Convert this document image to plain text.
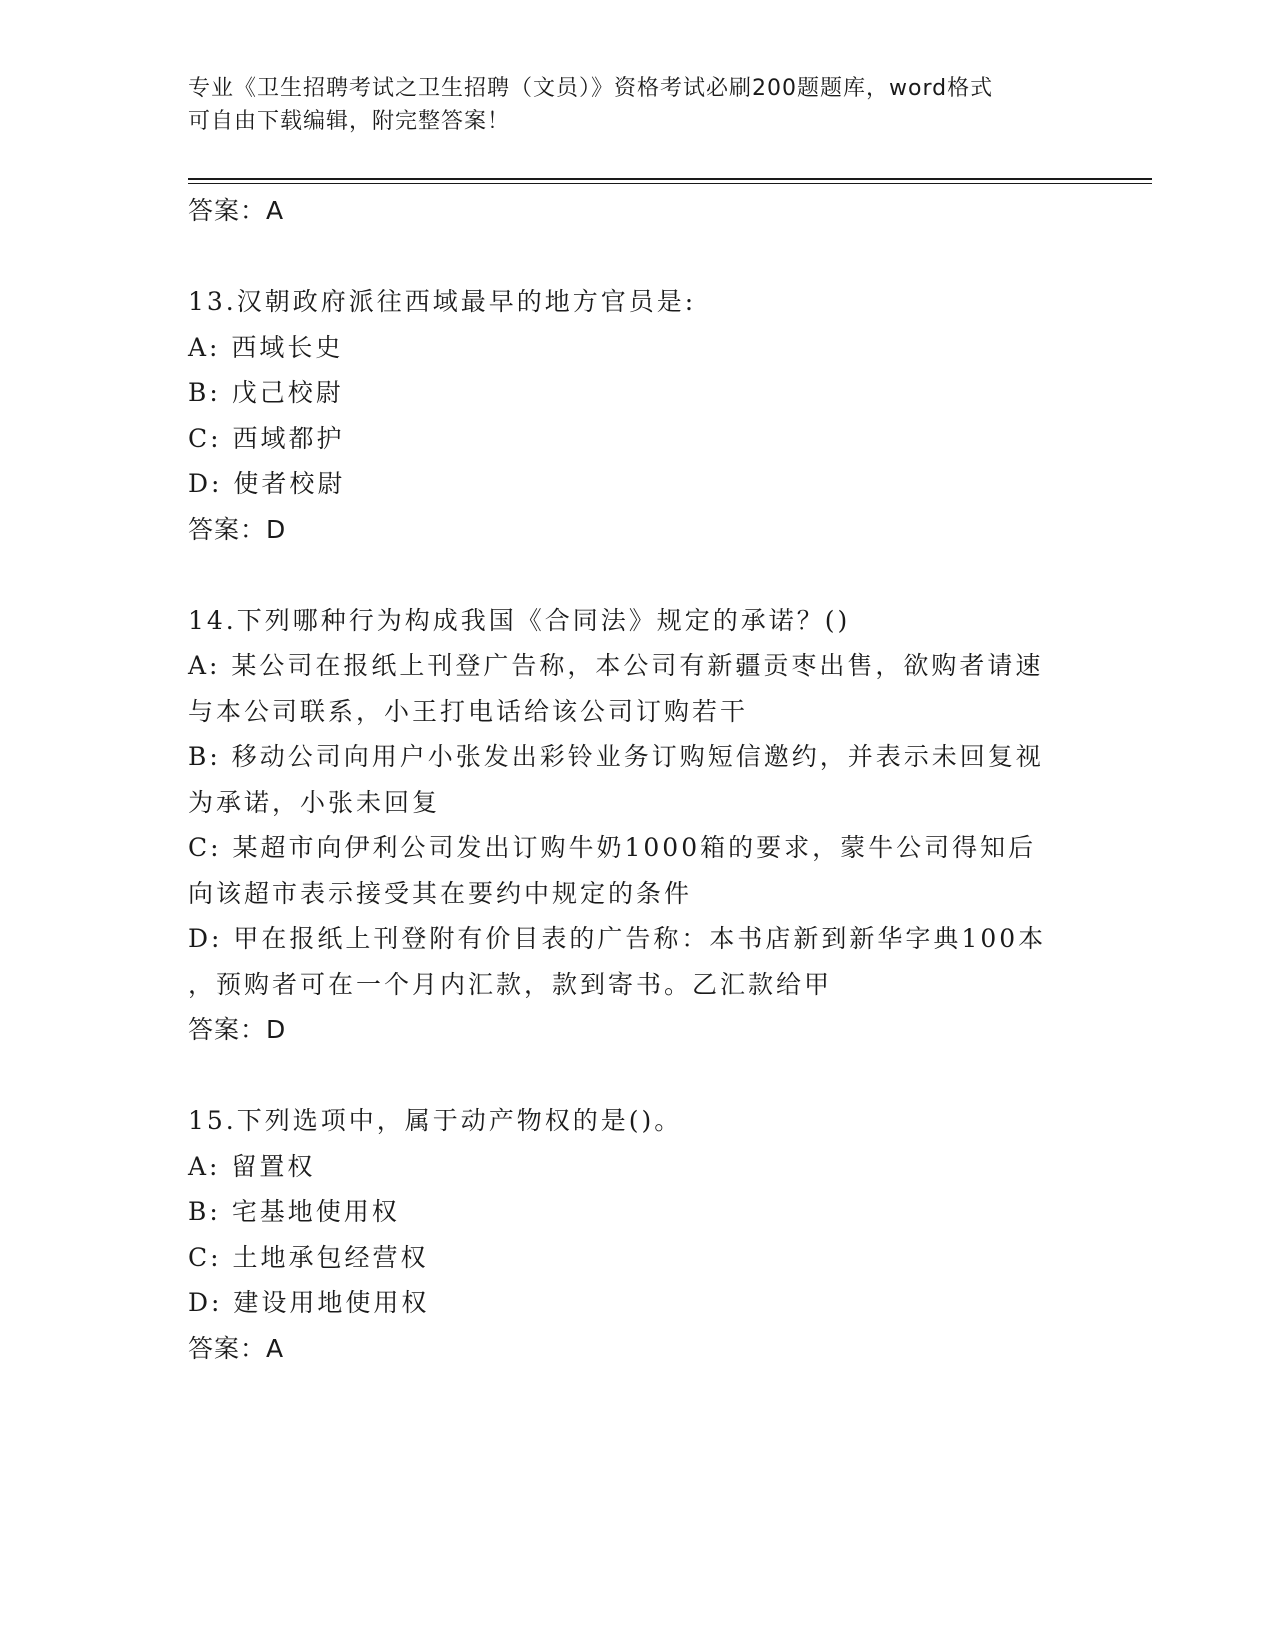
专业《卫生招聘考试之卫生招聘（文员）》资格考试必刷200题题库，word格式
可自由下载编辑，附完整答案！
答案：A
13.汉朝政府派往西域最早的地方官员是:
A: 西域长史
B: 戊己校尉
C: 西域都护
D: 使者校尉
答案：D
14.下列哪种行为构成我国《合同法》规定的承诺？()
A: 某公司在报纸上刊登广告称，本公司有新疆贡枣出售，欲购者请速
与本公司联系，小王打电话给该公司订购若干
B: 移动公司向用户小张发出彩铃业务订购短信邀约，并表示未回复视
为承诺，小张未回复
C: 某超市向伊利公司发出订购牛奶1000箱的要求，蒙牛公司得知后
向该超市表示接受其在要约中规定的条件
D: 甲在报纸上刊登附有价目表的广告称：本书店新到新华字典100本
，预购者可在一个月内汇款，款到寄书。乙汇款给甲
答案：D
15.下列选项中，属于动产物权的是()。
A: 留置权
B: 宅基地使用权
C: 土地承包经营权
D: 建设用地使用权
答案：A
